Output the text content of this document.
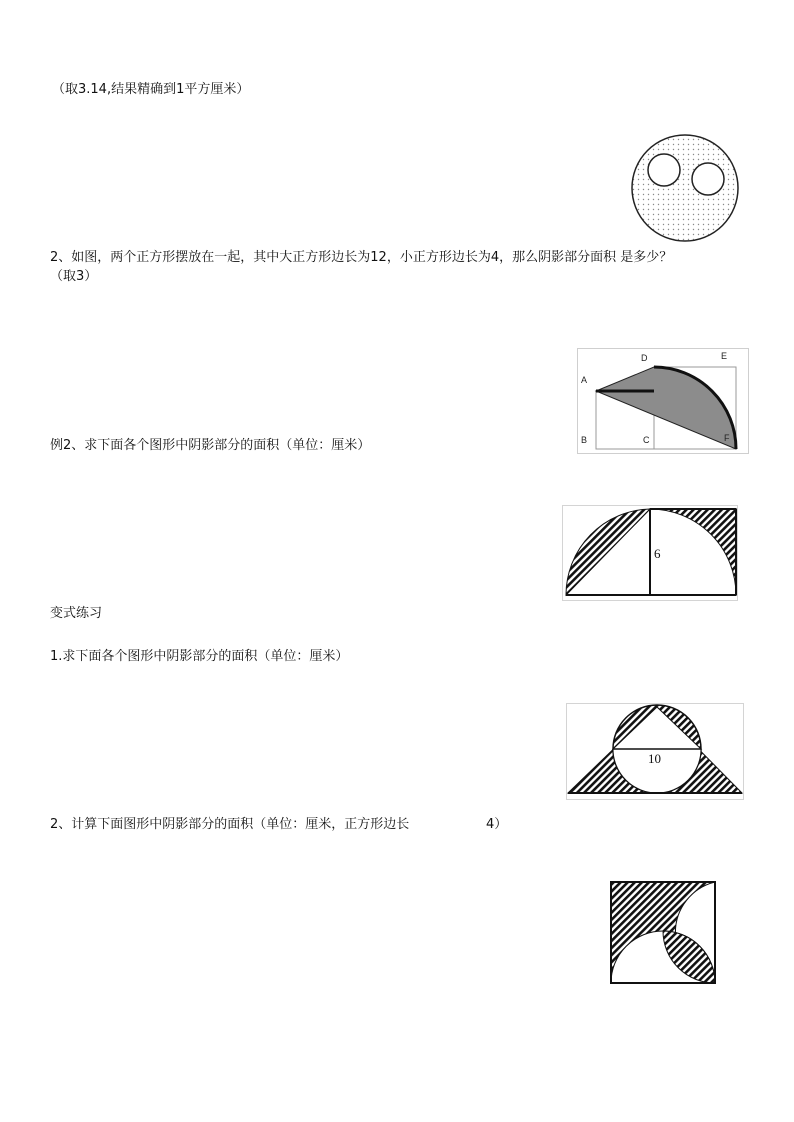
（取3.14,结果精确到1平方厘米）
2、如图，两个正方形摆放在一起，其中大正方形边长为12，小正方形边长为4，那么阴影部分面积 是多少？
（取3）
A
B	C
D	E
F
例2、求下面各个图形中阴影部分的面积（单位：厘米）
6
变式练习
1.求下面各个图形中阴影部分的面积（单位：厘米）
10
2、计算下面图形中阴影部分的面积（单位：厘米，正方形边长	4）
